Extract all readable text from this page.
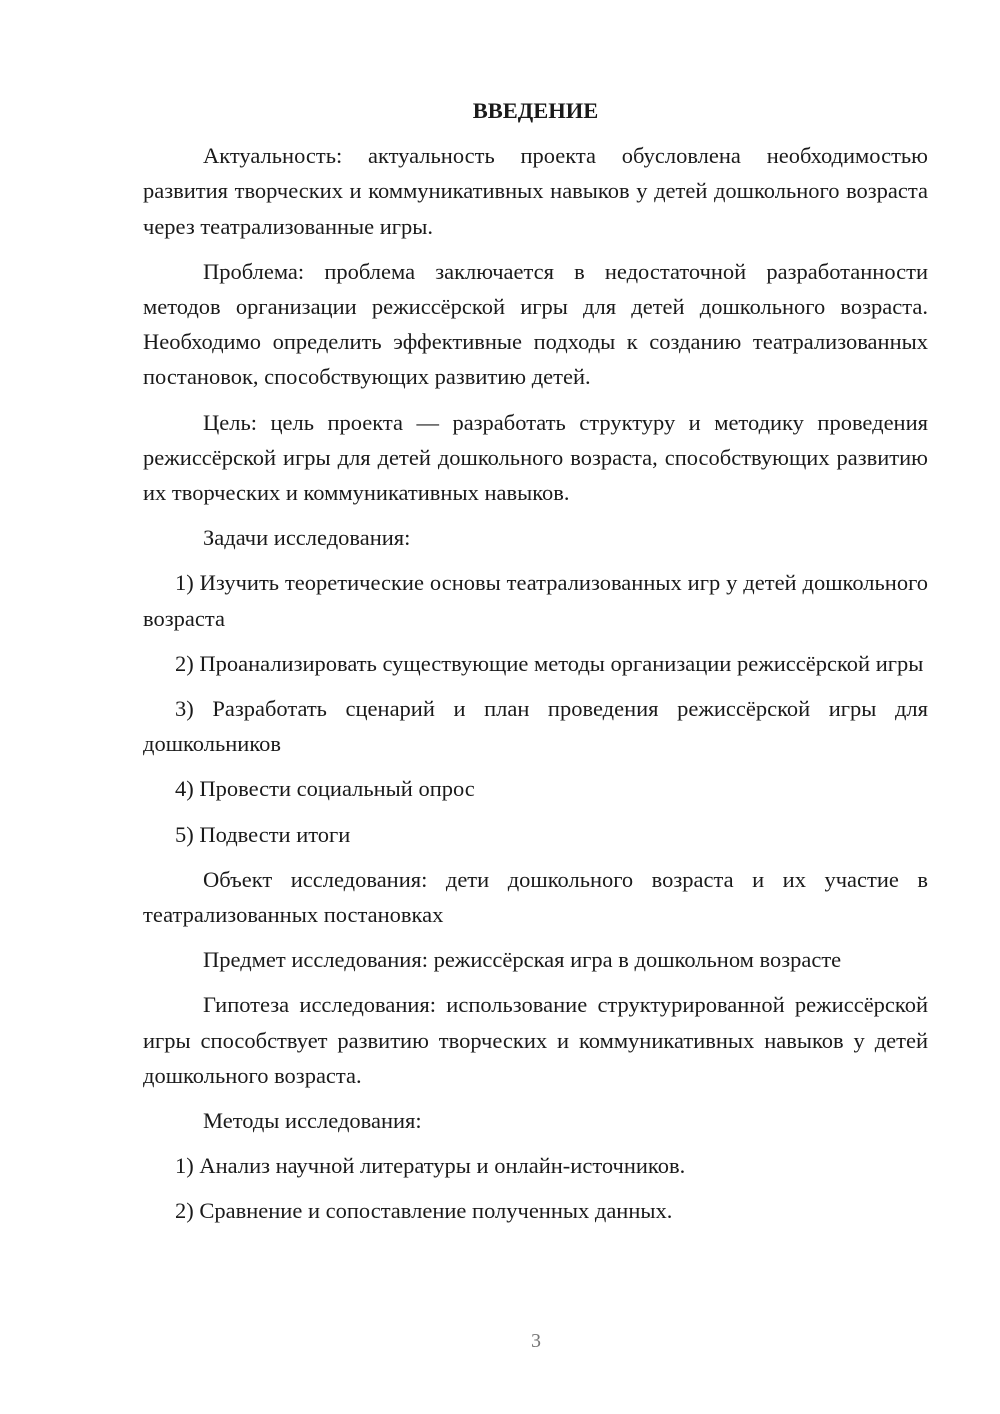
ВВЕДЕНИЕ
Актуальность: актуальность проекта обусловлена необходимостью развития творческих и коммуникативных навыков у детей дошкольного возраста через театрализованные игры.
Проблема: проблема заключается в недостаточной разработанности методов организации режиссёрской игры для детей дошкольного возраста. Необходимо определить эффективные подходы к созданию театрализованных постановок, способствующих развитию детей.
Цель: цель проекта — разработать структуру и методику проведения режиссёрской игры для детей дошкольного возраста, способствующих развитию их творческих и коммуникативных навыков.
Задачи исследования:
1) Изучить теоретические основы театрализованных игр у детей дошкольного возраста
2) Проанализировать существующие методы организации режиссёрской игры
3) Разработать сценарий и план проведения режиссёрской игры для дошкольников
4) Провести социальный опрос
5) Подвести итоги
Объект исследования: дети дошкольного возраста и их участие в театрализованных постановках
Предмет исследования: режиссёрская игра в дошкольном возрасте
Гипотеза исследования: использование структурированной режиссёрской игры способствует развитию творческих и коммуникативных навыков у детей дошкольного возраста.
Методы исследования:
1) Анализ научной литературы и онлайн-источников.
2) Сравнение и сопоставление полученных данных.
3
